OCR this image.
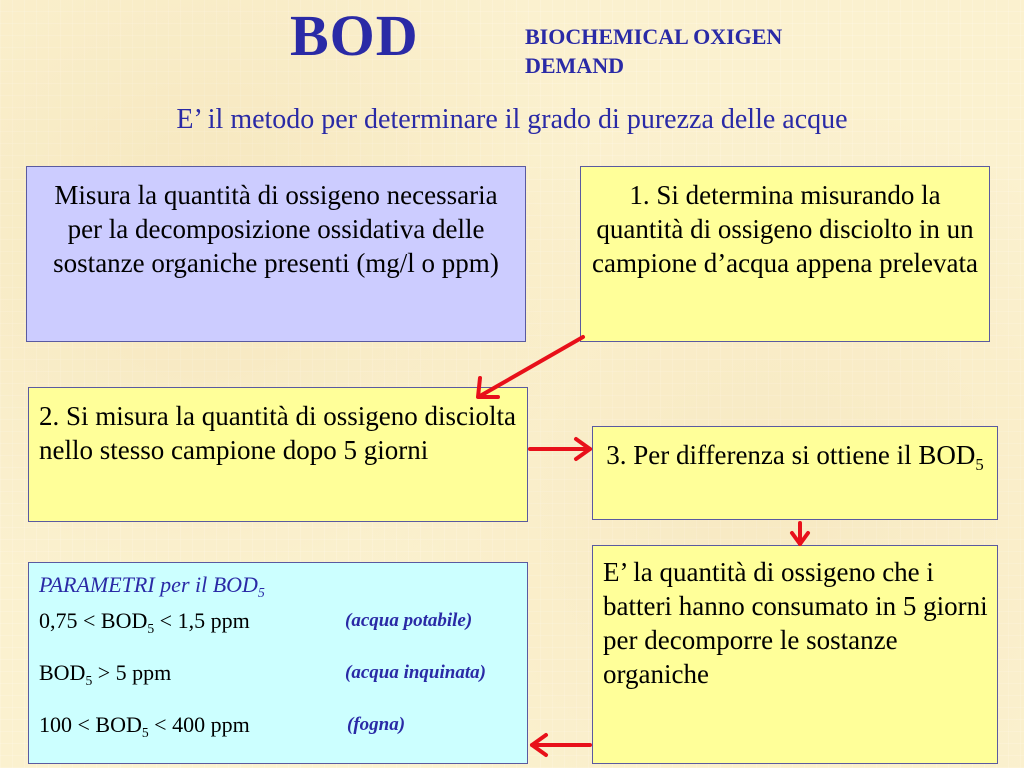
BOD	BIOCHEMICAL OXIGEN DEMAND
E’ il metodo per determinare il grado di purezza delle acque
Misura la quantità di ossigeno necessaria per la decomposizione ossidativa delle sostanze organiche presenti (mg/l o ppm)
1. Si determina misurando la quantità di ossigeno disciolto in un campione d’acqua appena prelevata
2. Si misura la quantità di ossigeno disciolta nello stesso campione dopo 5 giorni	3. Per differenza si ottiene il $BOD_5$
PARAMETRI per il $BOD_5$
$0,75 < BOD_5 < 1,5$ ppm	(acqua potabile)
$BOD_5 > 5$ ppm	(acqua inquinata)
$100 < BOD_5 < 400$ ppm	(fogna)
E’ la quantità di ossigeno che i batteri hanno consumato in 5 giorni per decomporre le sostanze organiche
